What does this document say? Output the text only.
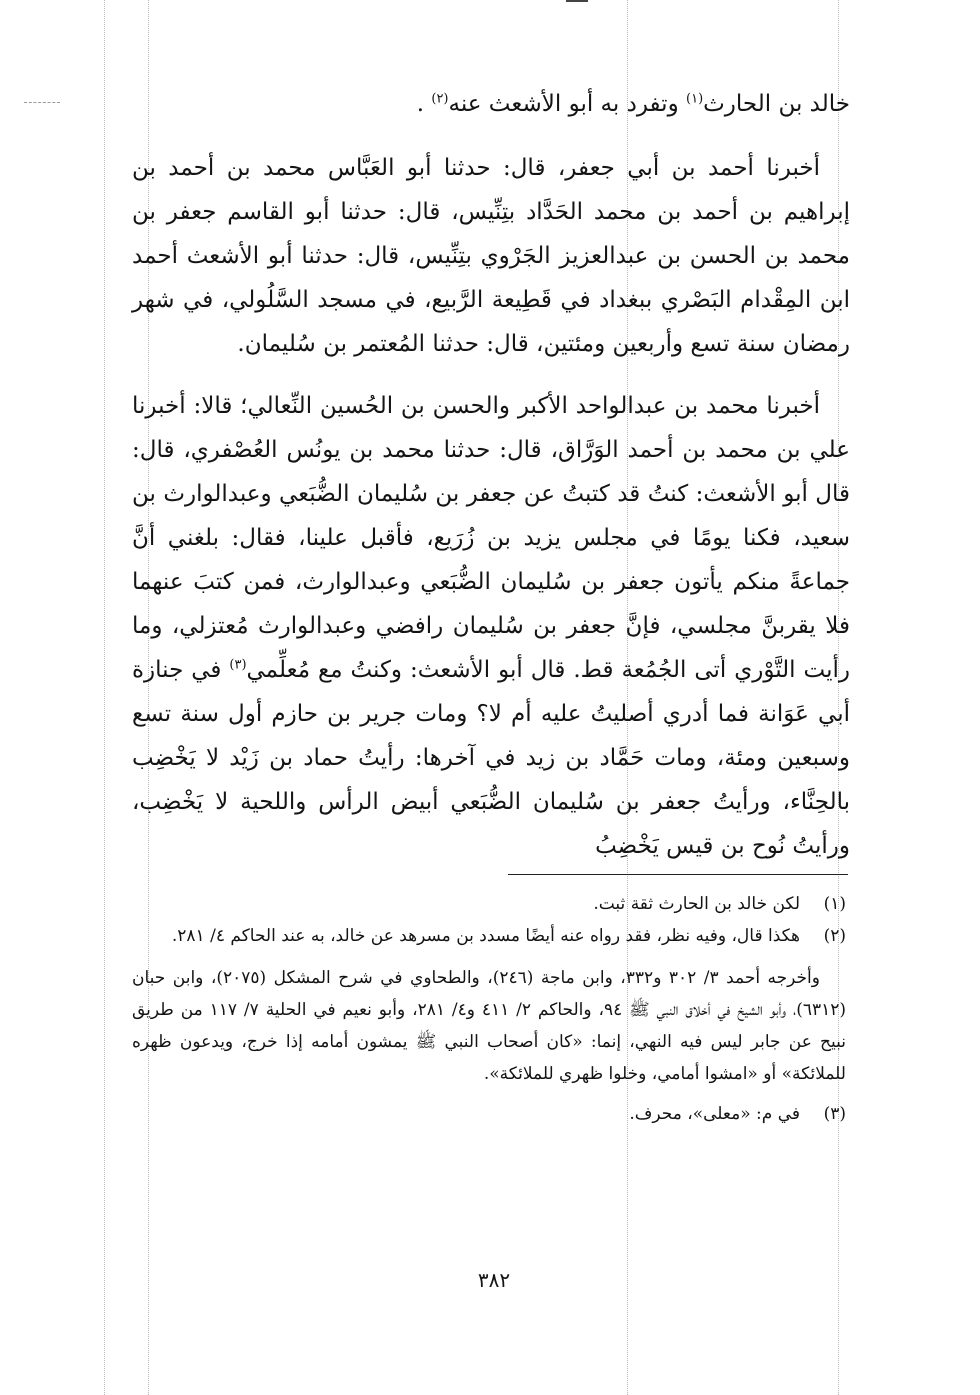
خالد بن الحارث$^{(١)}$ وتفرد به أبو الأشعث عنه$^{(٢)}$ .

أخبرنا أحمد بن أبي جعفر، قال: حدثنا أبو العَبَّاس محمد بن أحمد بن إبراهيم بن أحمد بن محمد الحَدَّاد بتِنِّيس، قال: حدثنا أبو القاسم جعفر بن محمد بن الحسن بن عبدالعزيز الجَرْوي بتِنِّيس، قال: حدثنا أبو الأشعث أحمد ابن المِقْدام البَصْري ببغداد في قَطِيعة الرَّبيع، في مسجد السَّلُولي، في شهر رمضان سنة تسع وأربعين ومئتين، قال: حدثنا المُعتمر بن سُليمان.

أخبرنا محمد بن عبدالواحد الأكبر والحسن بن الحُسين النِّعالي؛ قالا: أخبرنا علي بن محمد بن أحمد الوَرَّاق، قال: حدثنا محمد بن يونُس العُصْفري، قال: قال أبو الأشعث: كنتُ قد كتبتُ عن جعفر بن سُليمان الضُّبَعي وعبدالوارث بن سعيد، فكنا يومًا في مجلس يزيد بن زُرَيع، فأقبل علينا، فقال: بلغني أنَّ جماعةً منكم يأتون جعفر بن سُليمان الضُّبَعي وعبدالوارث، فمن كتبَ عنهما فلا يقربنَّ مجلسي، فإنَّ جعفر بن سُليمان رافضي وعبدالوارث مُعتزلي، وما رأيت التَّوْري أتى الجُمُعة قط. قال أبو الأشعث: وكنتُ مع مُعلِّمي$^{(٣)}$ في جنازة أبي عَوَانة فما أدري أصليتُ عليه أم لا؟ ومات جرير بن حازم أول سنة تسع وسبعين ومئة، ومات حَمَّاد بن زيد في آخرها: رأيتُ حماد بن زَيْد لا يَخْضِب بالحِنَّاء، ورأيتُ جعفر بن سُليمان الضُّبَعي أبيض الرأس واللحية لا يَخْضِب، ورأيتُ نُوح بن قيس يَخْضِبُ

(١)
لكن خالد بن الحارث ثقة ثبت.
(٢)
هكذا قال، وفيه نظر، فقد رواه عنه أيضًا مسدد بن مسرهد عن خالد، به عند الحاكم ٤/ ٢٨١.

وأخرجه أحمد ٣/ ٣٠٢ و٣٣٢، وابن ماجة (٢٤٦)، والطحاوي في شرح المشكل (٢٠٧٥)، وابن حبان (٦٣١٢)، وأبو الشيخ في أخلاق النبي ﷺ ٩٤، والحاكم ٢/ ٤١١ و٤/ ٢٨١، وأبو نعيم في الحلية ٧/ ١١٧ من طريق نبيح عن جابر ليس فيه النهي، إنما: «كان أصحاب النبي ﷺ يمشون أمامه إذا خرج، ويدعون ظهره للملائكة» أو «امشوا أمامي، وخلوا ظهري للملائكة».

(٣)
في م: «معلى»، محرف.
٣٨٢
